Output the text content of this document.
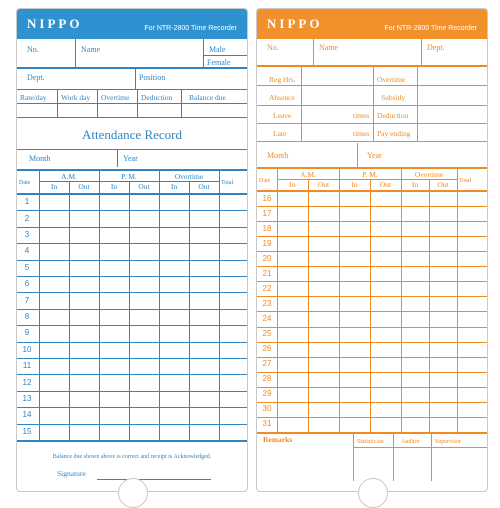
NIPPO	For NTR-2800 Time Recorder
No.	Name	Male
Female
Dept.	Position
Rate/day Work day Overtime Deduction Balance due
Attendance Record
Month	Year
Date
A.M.	P. M.	Overtime
Total
In	Out	In	Out	In	Out
1
2
3
4
5
6
7
8
9
10
11
12
13
14
15
Balance due shown above is correct and receipt is Acknowledged.
Signature
NIPPO	For NTR-2800 Time Recorder
No.	Name	Dept.
Reg Hrs.	Overtime
Absence	Subsidy
Leave	times Deduction
Late	times Pay ending
Month	Year
Date
A.M.	P. M.	Overtime
Total
In	Out	In	Out	In	Out
16
17
18
19
20
21
22
23
24
25
26
27
28
29
30
31
Remarks	Statistician	Auditor	Supervisor
